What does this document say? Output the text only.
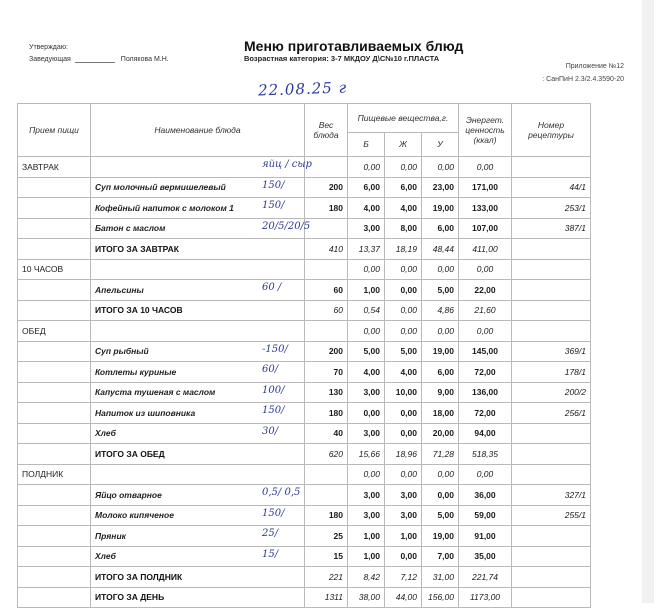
Утверждаю:
Заведующая	Полякова М.Н.
Меню приготавливаемых блюд
Возрастная категория: 3-7 МКДОУ Д\С№10 г.ПЛАСТА
Приложение №12
: СанПиН 2.3/2.4.3590-20
22.08.25 г
Прием пищи	Наименование блюда	Вес блюда	Пищевые вещества,г.			Энергет. ценность (ккал)	Номер рецептуры
			Б	Ж	У		
ЗАВТРАК			0,00	0,00	0,00	0,00	
	Суп молочный вермишелевый	200	6,00	6,00	23,00	171,00	44/1
	Кофейный напиток с молоком 1	180	4,00	4,00	19,00	133,00	253/1
	Батон с маслом		3,00	8,00	6,00	107,00	387/1
	ИТОГО ЗА ЗАВТРАК	410	13,37	18,19	48,44	411,00	
10 ЧАСОВ			0,00	0,00	0,00	0,00	
	Апельсины	60	1,00	0,00	5,00	22,00	
	ИТОГО ЗА 10 ЧАСОВ	60	0,54	0,00	4,86	21,60	
ОБЕД			0,00	0,00	0,00	0,00	
	Суп рыбный	200	5,00	5,00	19,00	145,00	369/1
	Котлеты куриные	70	4,00	4,00	6,00	72,00	178/1
	Капуста тушеная с маслом	130	3,00	10,00	9,00	136,00	200/2
	Напиток из шиповника	180	0,00	0,00	18,00	72,00	256/1
	Хлеб	40	3,00	0,00	20,00	94,00	
	ИТОГО ЗА ОБЕД	620	15,66	18,96	71,28	518,35	
ПОЛДНИК			0,00	0,00	0,00	0,00	
	Яйцо отварное		3,00	3,00	0,00	36,00	327/1
	Молоко кипяченое	180	3,00	3,00	5,00	59,00	255/1
	Пряник	25	1,00	1,00	19,00	91,00	
	Хлеб	15	1,00	0,00	7,00	35,00	
	ИТОГО ЗА ПОЛДНИК	221	8,42	7,12	31,00	221,74	
	ИТОГО ЗА ДЕНЬ	1311	38,00	44,00	156,00	1173,00	
яйц / сыр
150/
150/
20/5/20/5
60 /
-150/
60/
100/
150/
30/
0,5/ 0,5
150/
25/
15/
